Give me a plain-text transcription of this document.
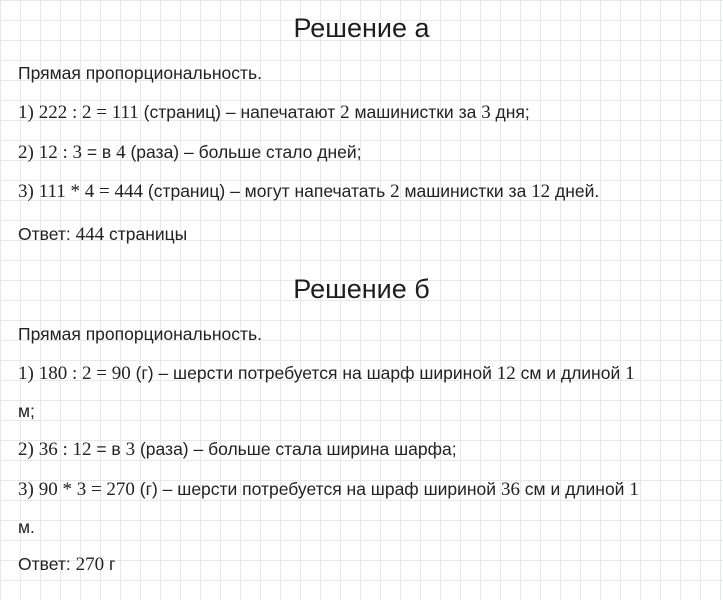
Решение а
Прямая пропорциональность.
1) 222 : 2 = 111 (страниц) – напечатают 2 машинистки за 3 дня;
2) 12 : 3 = в 4 (раза) – больше стало дней;
3) 111 * 4 = 444 (страниц) – могут напечатать 2 машинистки за 12 дней.
Ответ: 444 страницы
Решение б
Прямая пропорциональность.
1) 180 : 2 = 90 (г) – шерсти потребуется на шарф шириной 12 см и длиной 1
м;
2) 36 : 12 = в 3 (раза) – больше стала ширина шарфа;
3) 90 * 3 = 270 (г) – шерсти потребуется на шраф шириной 36 см и длиной 1
м.
Ответ: 270 г
